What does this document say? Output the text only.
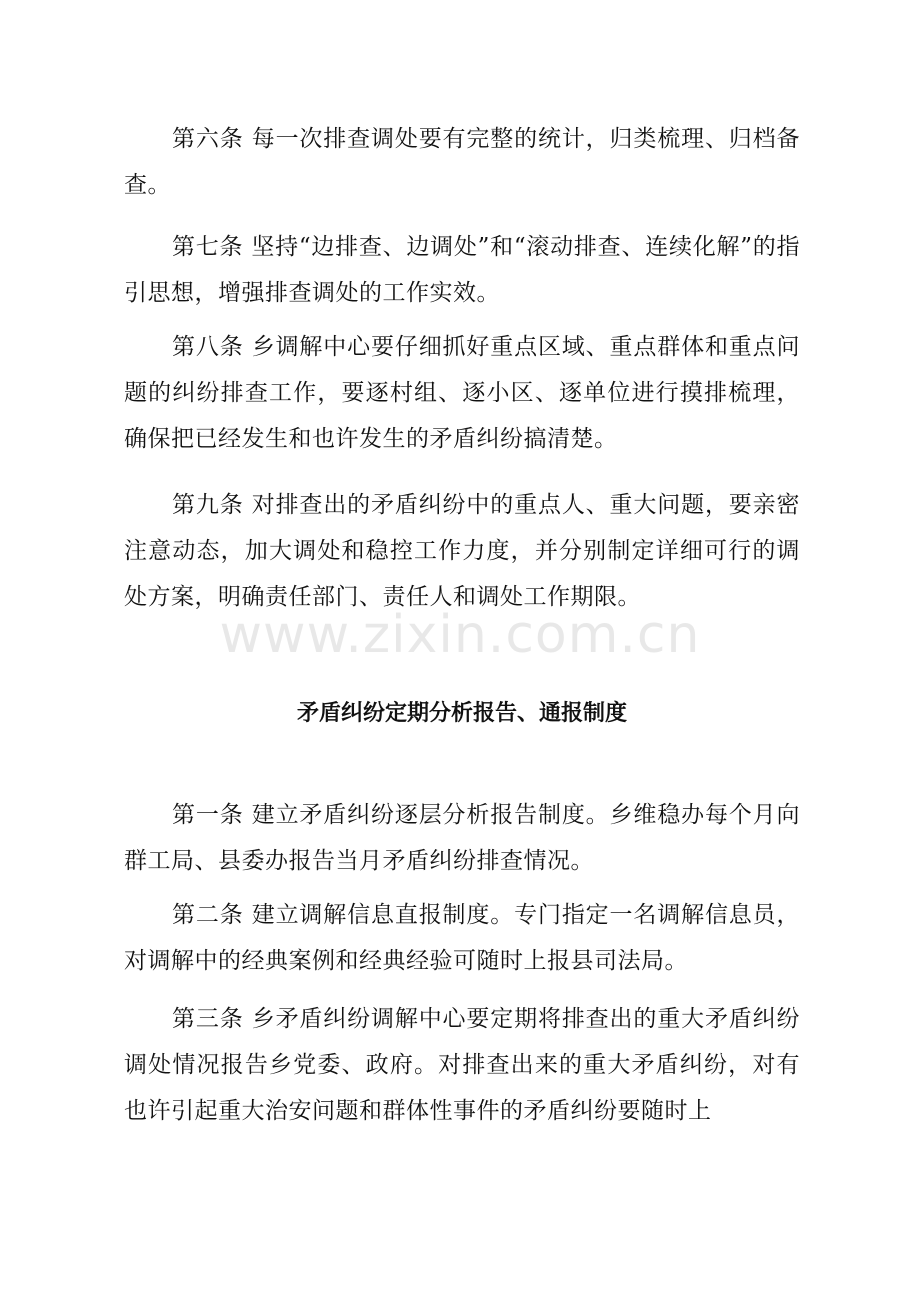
第六条 每一次排查调处要有完整的统计，归类梳理、归档备查。

第七条 坚持“边排查、边调处”和“滚动排查、连续化解”的指引思想，增强排查调处的工作实效。

第八条 乡调解中心要仔细抓好重点区域、重点群体和重点问题的纠纷排查工作，要逐村组、逐小区、逐单位进行摸排梳理，确保把已经发生和也许发生的矛盾纠纷搞清楚。

第九条 对排查出的矛盾纠纷中的重点人、重大问题，要亲密注意动态，加大调处和稳控工作力度，并分别制定详细可行的调处方案，明确责任部门、责任人和调处工作期限。

www.zixin.com.cn
矛盾纠纷定期分析报告、通报制度

第一条 建立矛盾纠纷逐层分析报告制度。乡维稳办每个月向群工局、县委办报告当月矛盾纠纷排查情况。

第二条 建立调解信息直报制度。专门指定一名调解信息员，对调解中的经典案例和经典经验可随时上报县司法局。

第三条 乡矛盾纠纷调解中心要定期将排查出的重大矛盾纠纷调处情况报告乡党委、政府。对排查出来的重大矛盾纠纷，对有也许引起重大治安问题和群体性事件的矛盾纠纷要随时上
